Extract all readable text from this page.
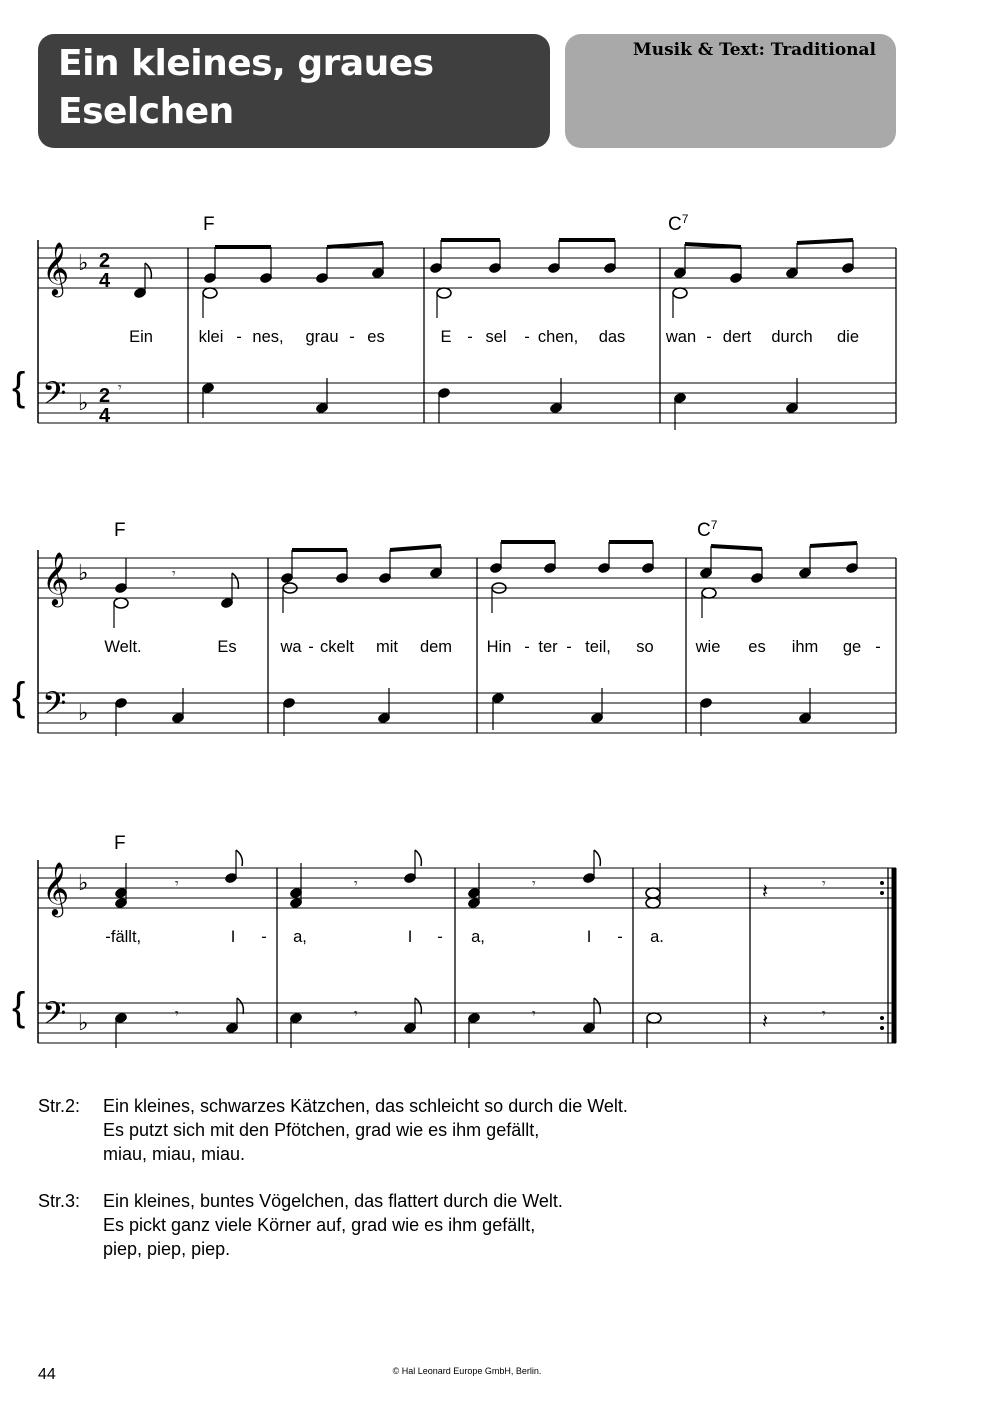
Ein kleines, graues
Eselchen
Musik & Text: Traditional
{
𝄞
𝄢
♭
♭
2
4
2
4
𝄾
F	$C^7$
Ein	klei - nes, grau - es	E - sel - chen, das wan - dert durch die
{
𝄞
𝄢
♭
♭
𝄾
F	$C^7$
Welt.	Es	wa - ckelt mit dem Hin - ter - teil, so	wie es ihm ge -
{
𝄞
𝄢
♭
♭
𝄾	𝄾	𝄾	𝄽	𝄾
𝄾	𝄾	𝄾	𝄽	𝄾
F
- fällt,	I - a,	I - a,	I - a.
Str.2: Ein kleines, schwarzes Kätzchen, das schleicht so durch die Welt.
Es putzt sich mit den Pfötchen, grad wie es ihm gefällt,
miau, miau, miau.
Str.3: Ein kleines, buntes Vögelchen, das flattert durch die Welt.
Es pickt ganz viele Körner auf, grad wie es ihm gefällt,
piep, piep, piep.
44	© Hal Leonard Europe GmbH, Berlin.
